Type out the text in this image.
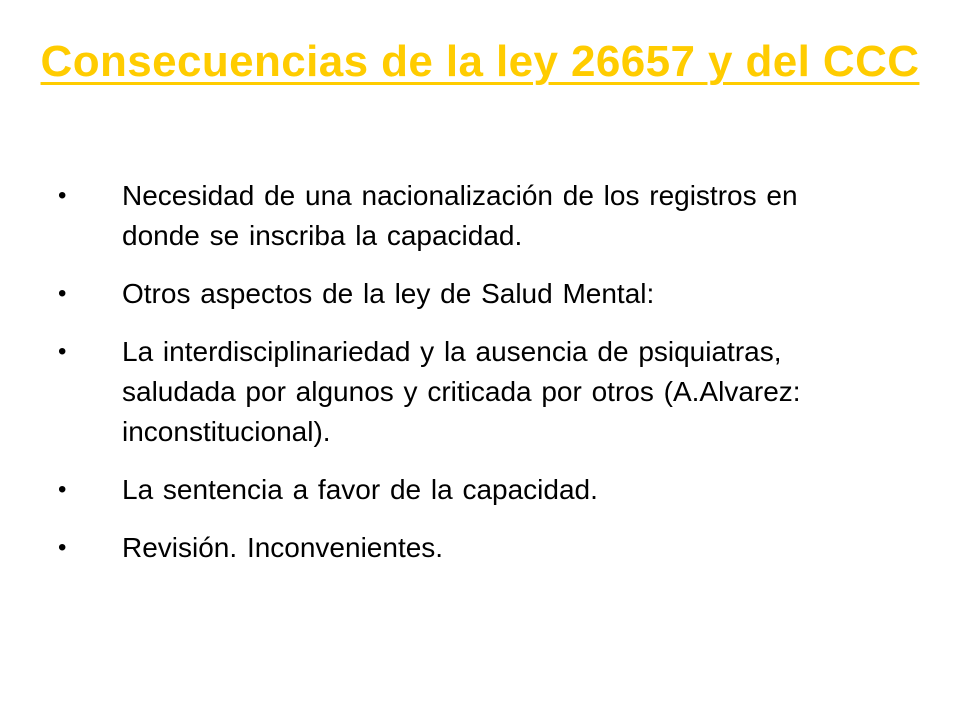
Consecuencias de la ley 26657 y del CCC
•	Necesidad de una nacionalización de los registros en donde se inscriba la capacidad.
•	Otros aspectos de la ley de Salud Mental:
•	La interdisciplinariedad y la ausencia de psiquiatras, saludada por algunos y criticada por otros (A.Alvarez: inconstitucional).
•	La sentencia a favor de la capacidad.
•	Revisión. Inconvenientes.
